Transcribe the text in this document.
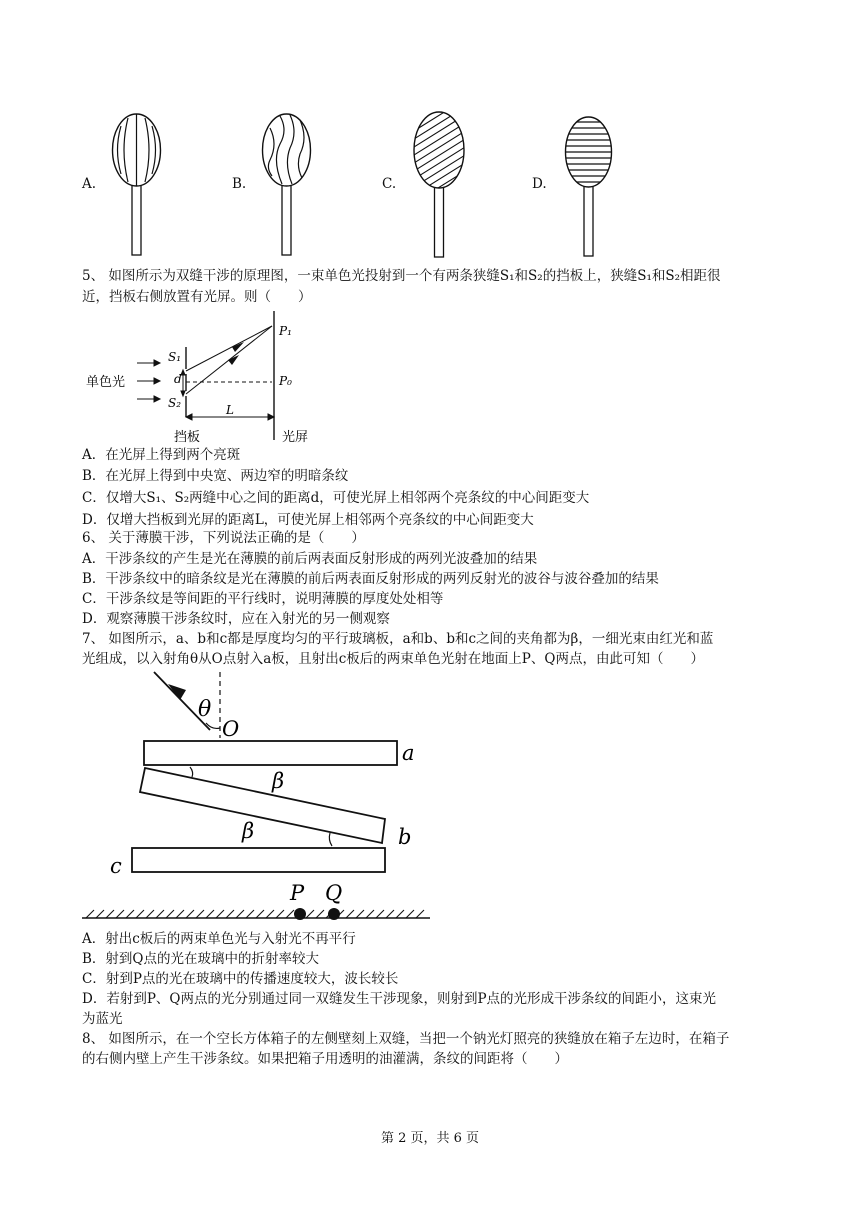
A.	B.	C.	D.
5、 如图所示为双缝干涉的原理图，一束单色光投射到一个有两条狭缝S₁和S₂的挡板上，狭缝S₁和S₂相距很
近，挡板右侧放置有光屏。则（　　）
单色光
S₁
S₂
d
P₁
P₀
L
挡板	光屏
A．在光屏上得到两个亮斑
B．在光屏上得到中央宽、两边窄的明暗条纹
C．仅增大S₁、S₂两缝中心之间的距离d，可使光屏上相邻两个亮条纹的中心间距变大
D．仅增大挡板到光屏的距离L，可使光屏上相邻两个亮条纹的中心间距变大
6、 关于薄膜干涉，下列说法正确的是（　　）
A．干涉条纹的产生是光在薄膜的前后两表面反射形成的两列光波叠加的结果
B．干涉条纹中的暗条纹是光在薄膜的前后两表面反射形成的两列反射光的波谷与波谷叠加的结果
C．干涉条纹是等间距的平行线时，说明薄膜的厚度处处相等
D．观察薄膜干涉条纹时，应在入射光的另一侧观察
7、 如图所示，a、b和c都是厚度均匀的平行玻璃板，a和b、b和c之间的夹角都为β，一细光束由红光和蓝
光组成，以入射角θ从O点射入a板，且射出c板后的两束单色光射在地面上P、Q两点，由此可知（　　）
θ
O
a
β
β	b
c
P Q
A．射出c板后的两束单色光与入射光不再平行
B．射到Q点的光在玻璃中的折射率较大
C．射到P点的光在玻璃中的传播速度较大，波长较长
D．若射到P、Q两点的光分别通过同一双缝发生干涉现象，则射到P点的光形成干涉条纹的间距小，这束光
为蓝光
8、 如图所示，在一个空长方体箱子的左侧壁刻上双缝，当把一个钠光灯照亮的狭缝放在箱子左边时，在箱子
的右侧内壁上产生干涉条纹。如果把箱子用透明的油灌满，条纹的间距将（　　）
第 2 页，共 6 页
